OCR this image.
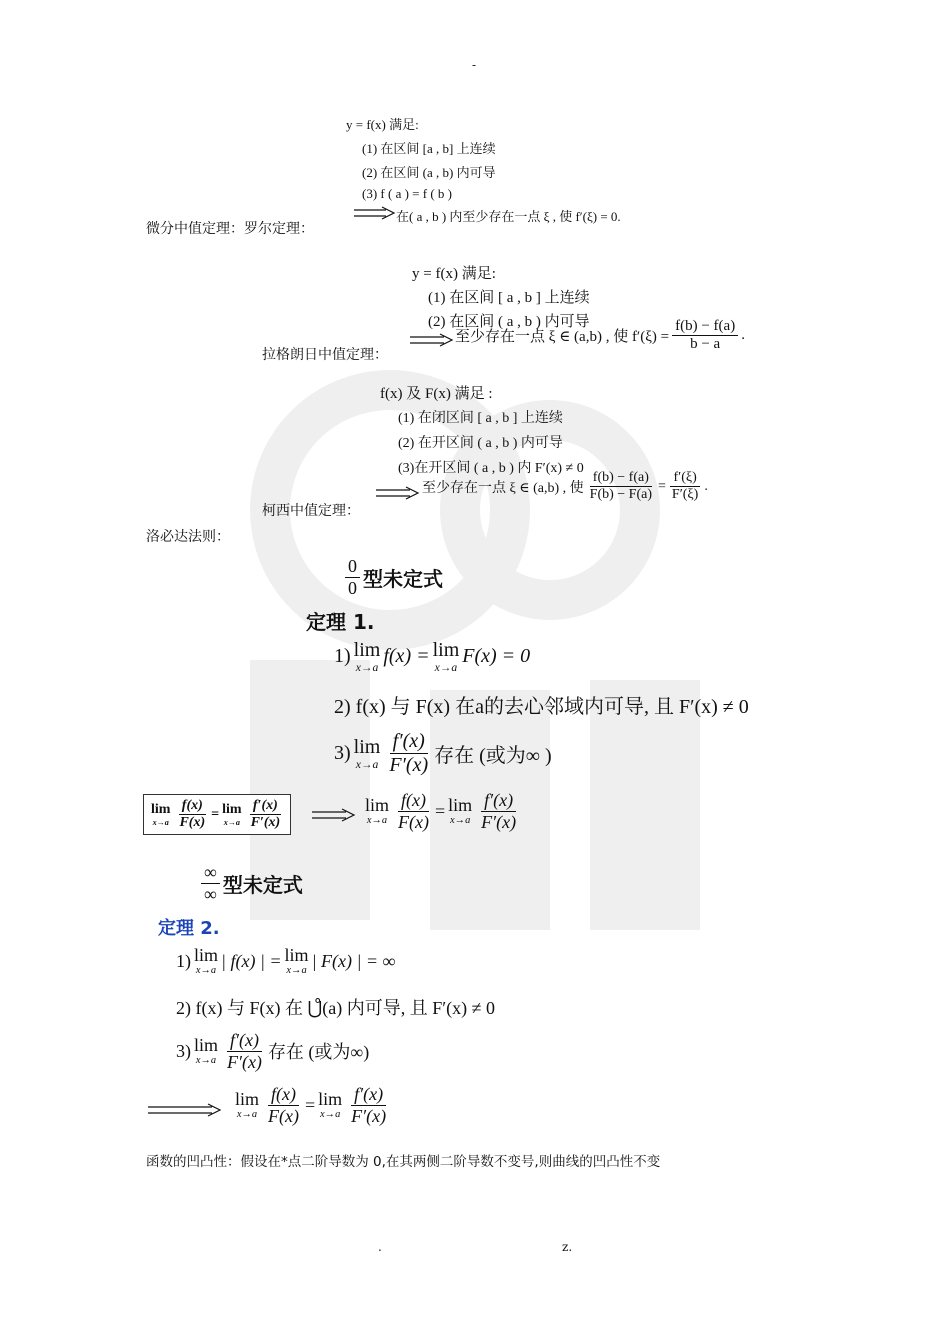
-
y = f(x) 满足:
(1) 在区间 [a , b] 上连续
(2) 在区间 (a , b) 内可导
(3) f ( a ) = f ( b )
微分中值定理：罗尔定理：
在( a , b ) 内至少存在一点 ξ , 使 f′(ξ) = 0.
y = f(x) 满足:
(1) 在区间 [ a , b ] 上连续
(2) 在区间 ( a , b ) 内可导
拉格朗日中值定理：
至少存在一点 ξ ∈ (a,b) , 使 $f'(\xi) = \frac{f(b) - f(a)}{b - a}$ .
f(x) 及 F(x) 满足 :
(1) 在闭区间 [ a , b ] 上连续
(2) 在开区间 ( a , b ) 内可导
(3)在开区间 ( a , b ) 内 F′(x) ≠ 0
柯西中值定理：
至少存在一点 ξ ∈ (a,b) , 使 $\frac{f(b) - f(a)}{F(b) - F(a)} = \frac{f'(\xi)}{F'(\xi)}$ .
洛必达法则：
$\frac{0}{0}$ 型未定式
定理 1.
1) lim
x→a
f(x) = lim
x→a
F(x) = 0
2) f(x) 与 F(x) 在a的去心邻域内可导, 且 F′(x) ≠ 0
3) lim
$x\to a \frac{f'(x)}{F'(x)}$ 存在 (或为∞ )
lim
$x\to a \frac{f(x)}{F(x)} = \lim$
$x\to a \frac{f'(x)}{F'(x)}$	lim
$x\to a \frac{f(x)}{F(x)} = \lim$
$x\to a \frac{f'(x)}{F'(x)}$
$\frac{\infty}{\infty}$ 型未定式
定理 2.
1) lim
x→a | f(x) | = lim
x→a | F(x) | = ∞
2) f(x) 与 F(x) 在 ⋃̊(a) 内可导, 且 F′(x) ≠ 0
3) lim
$x\to a \frac{f'(x)}{F'(x)}$ 存在 (或为∞)
lim
$x\to a \frac{f(x)}{F(x)} = \lim$
$x\to a \frac{f'(x)}{F'(x)}$
函数的凹凸性：假设在*点二阶导数为 0,在其两侧二阶导数不变号,则曲线的凹凸性不变
.	z.
